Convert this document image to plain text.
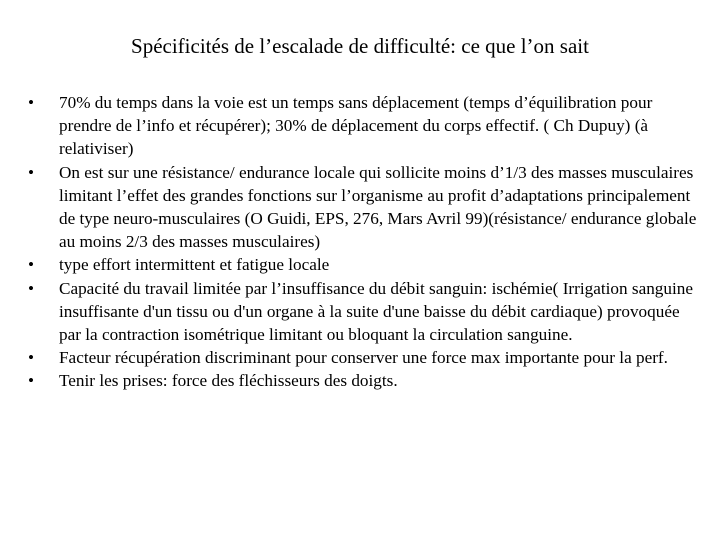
Spécificités de l’escalade de difficulté: ce que l’on sait
•	70% du temps dans la voie est un temps sans déplacement (temps d’équilibration pour prendre de l’info et récupérer); 30% de déplacement du corps effectif. ( Ch Dupuy) (à relativiser)
•	On est sur une résistance/ endurance locale qui sollicite moins d’1/3 des masses musculaires limitant l’effet des grandes fonctions sur l’organisme au profit d’adaptations principalement de type neuro-musculaires (O Guidi, EPS, 276, Mars Avril 99)(résistance/ endurance globale au moins 2/3 des masses musculaires)
•	type effort intermittent et fatigue locale
•	Capacité du travail limitée par l’insuffisance du débit sanguin: ischémie( Irrigation sanguine insuffisante d'un tissu ou d'un organe à la suite d'une baisse du débit cardiaque) provoquée par la contraction isométrique limitant ou bloquant la circulation sanguine.
•	Facteur récupération discriminant pour conserver une force max importante pour la perf.
•	Tenir les prises: force des fléchisseurs des doigts.
